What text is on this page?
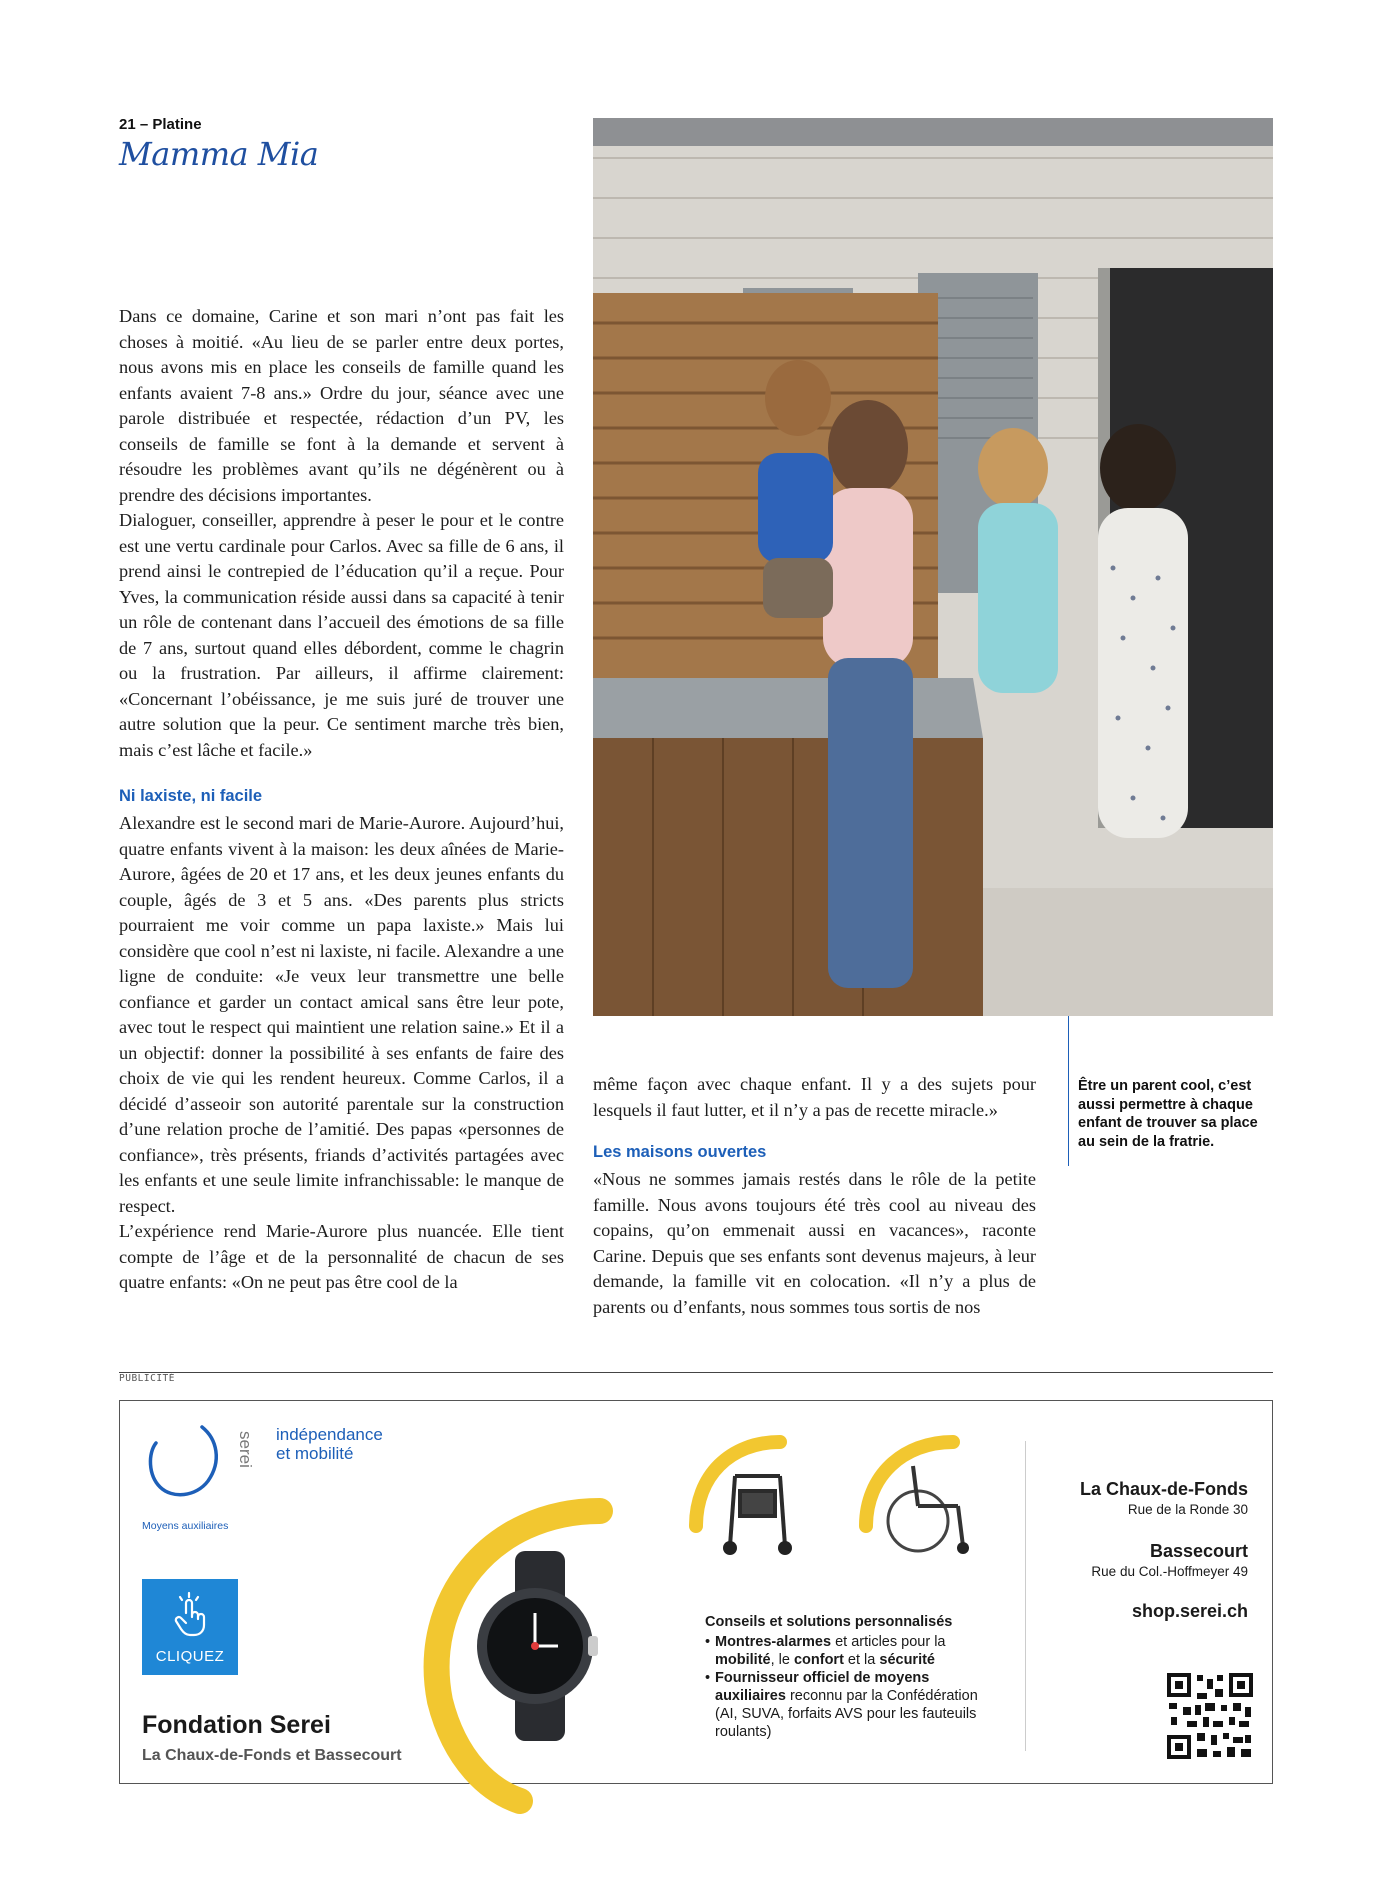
21 – Platine
Mamma Mia

Dans ce domaine, Carine et son mari n’ont pas fait les choses à moitié. «Au lieu de se parler entre deux portes, nous avons mis en place les conseils de famille quand les enfants avaient 7-8 ans.» Ordre du jour, séance avec une parole distribuée et respectée, rédaction d’un PV, les conseils de famille se font à la demande et servent à résoudre les problèmes avant qu’ils ne dégénèrent ou à prendre des décisions importantes.

Dialoguer, conseiller, apprendre à peser le pour et le contre est une vertu cardinale pour Carlos. Avec sa fille de 6 ans, il prend ainsi le contrepied de l’éducation qu’il a reçue. Pour Yves, la communication réside aussi dans sa capacité à tenir un rôle de contenant dans l’accueil des émotions de sa fille de 7 ans, surtout quand elles débordent, comme le chagrin ou la frustration. Par ailleurs, il affirme clairement: «Concernant l’obéissance, je me suis juré de trouver une autre solution que la peur. Ce sentiment marche très bien, mais c’est lâche et facile.»

Ni laxiste, ni facile

Alexandre est le second mari de Marie-Aurore. Aujourd’hui, quatre enfants vivent à la maison: les deux aînées de Marie-Aurore, âgées de 20 et 17 ans, et les deux jeunes enfants du couple, âgés de 3 et 5 ans. «Des parents plus stricts pourraient me voir comme un papa laxiste.» Mais lui considère que cool n’est ni laxiste, ni facile. Alexandre a une ligne de conduite: «Je veux leur transmettre une belle confiance et garder un contact amical sans être leur pote, avec tout le respect qui maintient une relation saine.» Et il a un objectif: donner la possibilité à ses enfants de faire des choix de vie qui les rendent heureux. Comme Carlos, il a décidé d’asseoir son autorité parentale sur la construction d’une relation proche de l’amitié. Des papas «personnes de confiance», très présents, friands d’activités partagées avec les enfants et une seule limite infranchissable: le manque de respect.

L’expérience rend Marie-Aurore plus nuancée. Elle tient compte de l’âge et de la personnalité de chacun de ses quatre enfants: «On ne peut pas être cool de la

même façon avec chaque enfant. Il y a des sujets pour lesquels il faut lutter, et il n’y a pas de recette miracle.»

Les maisons ouvertes

«Nous ne sommes jamais restés dans le rôle de la petite famille. Nous avons toujours été très cool au niveau des copains, qu’on emmenait aussi en vacances», raconte Carine. Depuis que ses enfants sont devenus majeurs, à leur demande, la famille vit en colocation. «Il n’y a plus de parents ou d’enfants, nous sommes tous sortis de nos

Être un parent cool, c’est aussi permettre à chaque enfant de trouver sa place au sein de la fratrie.
PUBLICITÉ
serei indépendance
et mobilité
Moyens auxiliaires
CLIQUEZ
Fondation Serei
La Chaux-de-Fonds et Bassecourt
Conseils et solutions personnalisés
• Montres-alarmes et articles pour la mobilité, le confort et la sécurité
• Fournisseur officiel de moyens auxiliaires reconnu par la Confédération (AI, SUVA, forfaits AVS pour les fauteuils roulants)
La Chaux-de-Fonds
Rue de la Ronde 30
Bassecourt
Rue du Col.-Hoffmeyer 49
shop.serei.ch
